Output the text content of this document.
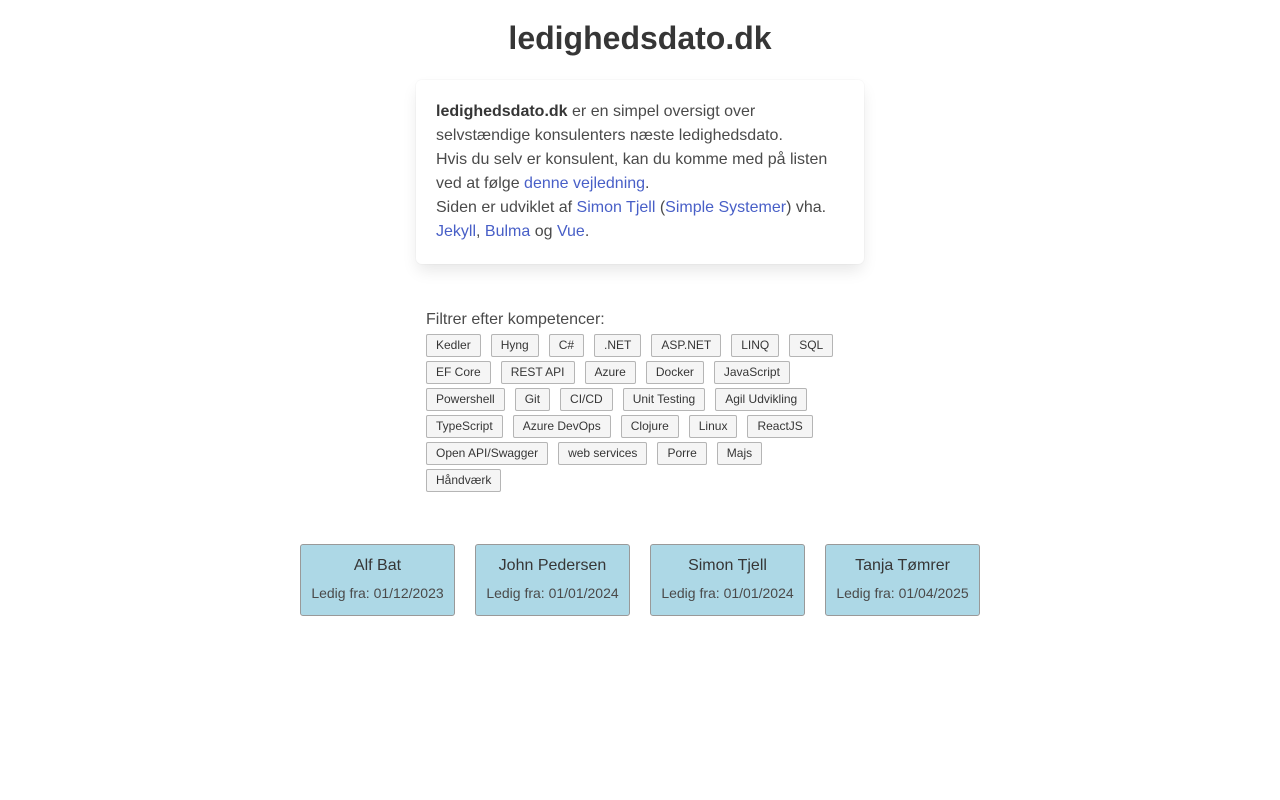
ledighedsdato.dk

ledighedsdato.dk er en simpel oversigt over selvstændige konsulenters næste ledighedsdato.
Hvis du selv er konsulent, kan du komme med på listen ved at følge denne vejledning.
Siden er udviklet af Simon Tjell (Simple Systemer) vha. Jekyll, Bulma og Vue.

Filtrer efter kompetencer:
Kedler	Hyng	C#	.NET	ASP.NET	LINQ	SQL
EF Core	REST API	Azure	Docker	JavaScript
Powershell	Git	CI/CD	Unit Testing	Agil Udvikling
TypeScript	Azure DevOps	Clojure	Linux	ReactJS
Open API/Swagger	web services	Porre	Majs
Håndværk
Alf Bat
Ledig fra: 01/12/2023
John Pedersen
Ledig fra: 01/01/2024
Simon Tjell
Ledig fra: 01/01/2024
Tanja Tømrer
Ledig fra: 01/04/2025
